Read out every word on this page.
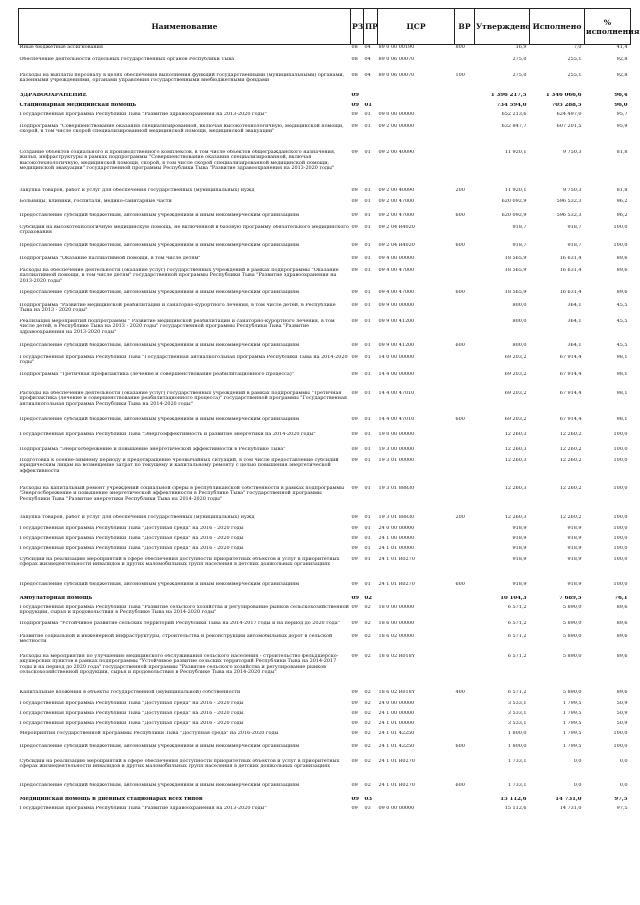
Наименование	РЗ	ПР	ЦСР	ВР	Утверждено	Исполнено	%
исполнения

Иные бюджетные ассигнования	08	04	89 0 00 00190	800	16,9	7,0	41,4
Обеспечение деятельности отдельных государственных органов Республики Тыва	08	04	89 0 06 00070		275,0	255,1	92,8
Расходы на выплаты персоналу в целях обеспечения выполнения функций государственными (муниципальными) органами, казенными учреждениями, органами управления государственными внебюджетными фондами	08	04	89 0 06 00070	100	275,0	255,1	92,8
ЗДРАВООХРАНЕНИЕ	09				1 396 217,5	1 346 066,6	96,4
Стационарная медицинская помощь	09	01			734 594,0	705 288,5	96,0
Государственная программа Республики Тыва "Развитие здравоохранения на 2013-2020 годы"	09	01	09 0 00 00000		652 213,6	624 497,0	95,7
Подпрограмма "Совершенствование оказания специализированной, включая высокотехнологичную, медицинской помощи, скорой, в том числе скорой специализированной медицинской помощи, медицинской эвакуации"	09	01	09 2 00 00000		632 847,7	607 201,5	95,9
Создание объектов социального и производственного комплексов, в том числе объектов общегражданского назначения, жилья, инфраструктуры в рамках подпрограммы "Совершенствование оказания специализированной, включая высокотехнологичную, медицинской помощи, скорой, в том числе скорой специализированной медицинской помощи, медицинской эвакуации" государственной программы Республики Тыва "Развитие здравоохранения на 2013-2020 годы"	09	01	09 2 00 40090		11 920,1	9 750,3	81,8
Закупка товаров, работ и услуг для обеспечения государственных (муниципальных) нужд	09	01	09 2 00 40090	200	11 920,1	9 750,3	81,8
Больницы, клиники, госпитали, медико-санитарные части	09	01	09 2 00 47000		620 092,9	596 532,3	96,2
Предоставление субсидий бюджетным, автономным учреждениям и иным некоммерческим организациям	09	01	09 2 00 47000	600	620 092,9	596 532,3	96,2
Субсидии на высокотехнологичную медицинскую помощь, не включенной в базовую программу обязательного медицинского страхования	09	01	09 2 04 R4020		918,7	918,7	100,0
Предоставление субсидий бюджетным, автономным учреждениям и иным некоммерческим организациям	09	01	09 2 04 R4020	600	918,7	918,7	100,0
Подпрограмма "Оказание паллиативной помощи, в том числе детям"	09	01	09 4 00 00000		18 565,9	16 631,4	89,6
Расходы на обеспечение деятельности (оказание услуг) государственных учреждений в рамках подпрограммы "Оказание паллиативной помощи, в том числе детям" государственной программы Республики Тыва "Развитие здравоохранения на 2013-2020 годы"	09	01	09 4 00 47000		18 565,9	16 631,4	89,6
Предоставление субсидий бюджетным, автономным учреждениям и иным некоммерческим организациям	09	01	09 4 00 47000	600	18 565,9	16 631,4	89,6
Подпрограмма "Развитие медицинской реабилитации и санаторно-курортного лечения, в том числе детей, в Республике Тыва на 2013 - 2020 годы"	09	01	09 9 00 00000		800,0	364,1	45,5
Реализация мероприятий подпрограммы " Развитие медицинской реабилитации и санаторно-курортного лечения, в том числе детей, в Республике Тыва на 2013 - 2020 годы" государственной программы Республики Тыва "Развитие здравоохранения на 2013-2020 годы"	09	01	09 9 00 41200		800,0	364,1	45,5
Предоставление субсидий бюджетным, автономным учреждениям и иным некоммерческим организациям	09	01	09 9 00 41200	600	800,0	364,1	45,5
Государственная программа Республики Тыва "Государственная антиалкогольная программа Республики Тыва на 2014-2020 годы"	09	01	14 0 00 00000		69 203,2	67 914,4	98,1
Подпрограмма "Третичная профилактика (лечение и совершенствование реабилитационного процесса)"	09	01	14 4 00 00000		69 203,2	67 914,4	98,1
Расходы на обеспечение деятельности (оказание услуг) государственных учреждений в рамках подпрограммы "Третичная профилактика (лечение и совершенствование реабилитационного процесса)" государственной программы "Государственная антиалкогольная программа Республики Тыва на 2014-2020 годы"	09	01	14 4 00 47010		69 203,2	67 914,4	98,1
Предоставление субсидий бюджетным, автономным учреждениям и иным некоммерческим организациям	09	01	14 4 00 47010	600	69 203,2	67 914,4	98,1
Государственная программа Республики Тыва "Энергоэффективность и развитие энергетики на 2014-2020 годы"	09	01	19 0 00 00000		12 260,3	12 260,2	100,0
Подпрограмма "Энергосбережение и повышение энергетической эффективности в Республике Тыва"	09	01	19 3 00 00000		12 260,3	12 260,2	100,0
Подготовка к осенне-зимнему периоду и предотвращение чрезвычайных ситуаций, в том числе предоставление субсидий юридическим лицам на возмещение затрат по текущему и капитальному ремонту с целью повышения энергетической эффективности	09	01	19 3 01 00000		12 260,3	12 260,2	100,0
Расходы на капитальный ремонт учреждений социальной сферы в республиканской собственности в рамках подпрограммы "Энергосбережение и повышение энергетической эффективности в Республике Тыва" государственной программы Республики Тыва "Развитие энергетики Республики Тыва на 2014-2020 годы"	09	01	19 3 01 88830		12 260,3	12 260,2	100,0
Закупка товаров, работ и услуг для обеспечения государственных (муниципальных) нужд	09	01	19 3 01 88830	200	12 260,3	12 260,2	100,0
Государственная программа Республики Тыва "Доступная среда" на 2016 - 2020 годы	09	01	24 0 00 00000		918,9	918,9	100,0
Государственная программа Республики Тыва "Доступная среда" на 2016 - 2020 годы	09	01	24 1 00 00000		918,9	918,9	100,0
Государственная программа Республики Тыва "Доступная среда" на 2016 - 2020 годы	09	01	24 1 01 00000		918,9	918,9	100,0
Субсидии на реализацию мероприятий в сфере обеспечения доступности приоритетных объектов и услуг в приоритетных сферах жизнедеятельности инвалидов и других маломобильных групп населения в детских дошкольных организациях	09	01	24 1 01 R0270		918,9	918,9	100,0
Предоставление субсидий бюджетным, автономным учреждениям и иным некоммерческим организациям	09	01	24 1 01 R0270	600	918,9	918,9	100,0
Амбулаторная помощь	09	02			10 104,3	7 689,5	76,1
Государственная программа Республики Тыва "Развитие сельского хозяйства и регулирование рынков сельскохозяйственной продукции, сырья и продовольствия в Республике Тыва на 2014-2020 годы"	09	02	18 0 00 00000		6 571,2	5 890,0	89,6
Подпрограмма "Устойчивое развитие сельских территорий Республики Тыва на 2014-2017 годы и на период до 2020 года"	09	02	18 6 00 00000		6 571,2	5 890,0	89,6
Развитие социальной и инженерной инфраструктуры, строительства и реконструкции автомобильных дорог в сельской местности	09	02	18 6 02 00000		6 571,2	5 890,0	89,6
Расходы на мероприятия по улучшению медицинского обслуживания сельского населения - строительство фельдшерско-акушерских пунктов в рамках подпрограммы "Устойчивое развитие сельских территорий Республики Тыва на 2014-2017 годы и на период до 2020 года" государственной программы "Развитие сельского хозяйства и регулирование рынков сельскохозяйственной продукции, сырья и продовольствия в Республике Тыва на 2014-2020 годы"	09	02	18 6 02 R018Y		6 571,2	5 890,0	89,6
Капитальные вложения в объекты государственной (муниципальной) собственности	09	02	18 6 02 R018Y	400	6 571,2	5 890,0	89,6
Государственная программа Республики Тыва "Доступная среда" на 2016 - 2020 годы	09	02	24 0 00 00000		3 533,1	1 799,5	50,9
Государственная программа Республики Тыва "Доступная среда" на 2016 - 2020 годы	09	02	24 1 00 00000		3 533,1	1 799,5	50,9
Государственная программа Республики Тыва "Доступная среда" на 2016 - 2020 годы	09	02	24 1 01 00000		3 533,1	1 799,5	50,9
Мероприятия государственной программы Республики Тыва "Доступная среда" на 2016-2020 годы	09	02	24 1 01 42250		1 800,0	1 799,5	100,0
Предоставление субсидий бюджетным, автономным учреждениям и иным некоммерческим организациям	09	02	24 1 01 42250	600	1 800,0	1 799,5	100,0
Субсидии на реализацию мероприятий в сфере обеспечения доступности приоритетных объектов и услуг в приоритетных сферах жизнедеятельности инвалидов и других маломобильных групп населения в детских дошкольных организациях	09	02	24 1 01 R0270		1 733,1	0,0	0,0
Предоставление субсидий бюджетным, автономным учреждениям и иным некоммерческим организациям	09	02	24 1 01 R0270	600	1 733,1	0,0	0,0
Медицинская помощь в дневных стационарах всех типов	09	03			15 112,6	14 731,0	97,5
Государственная программа Республики Тыва "Развитие здравоохранения на 2013-2020 годы"	09	03	09 0 00 00000		15 112,6	14 731,0	97,5
